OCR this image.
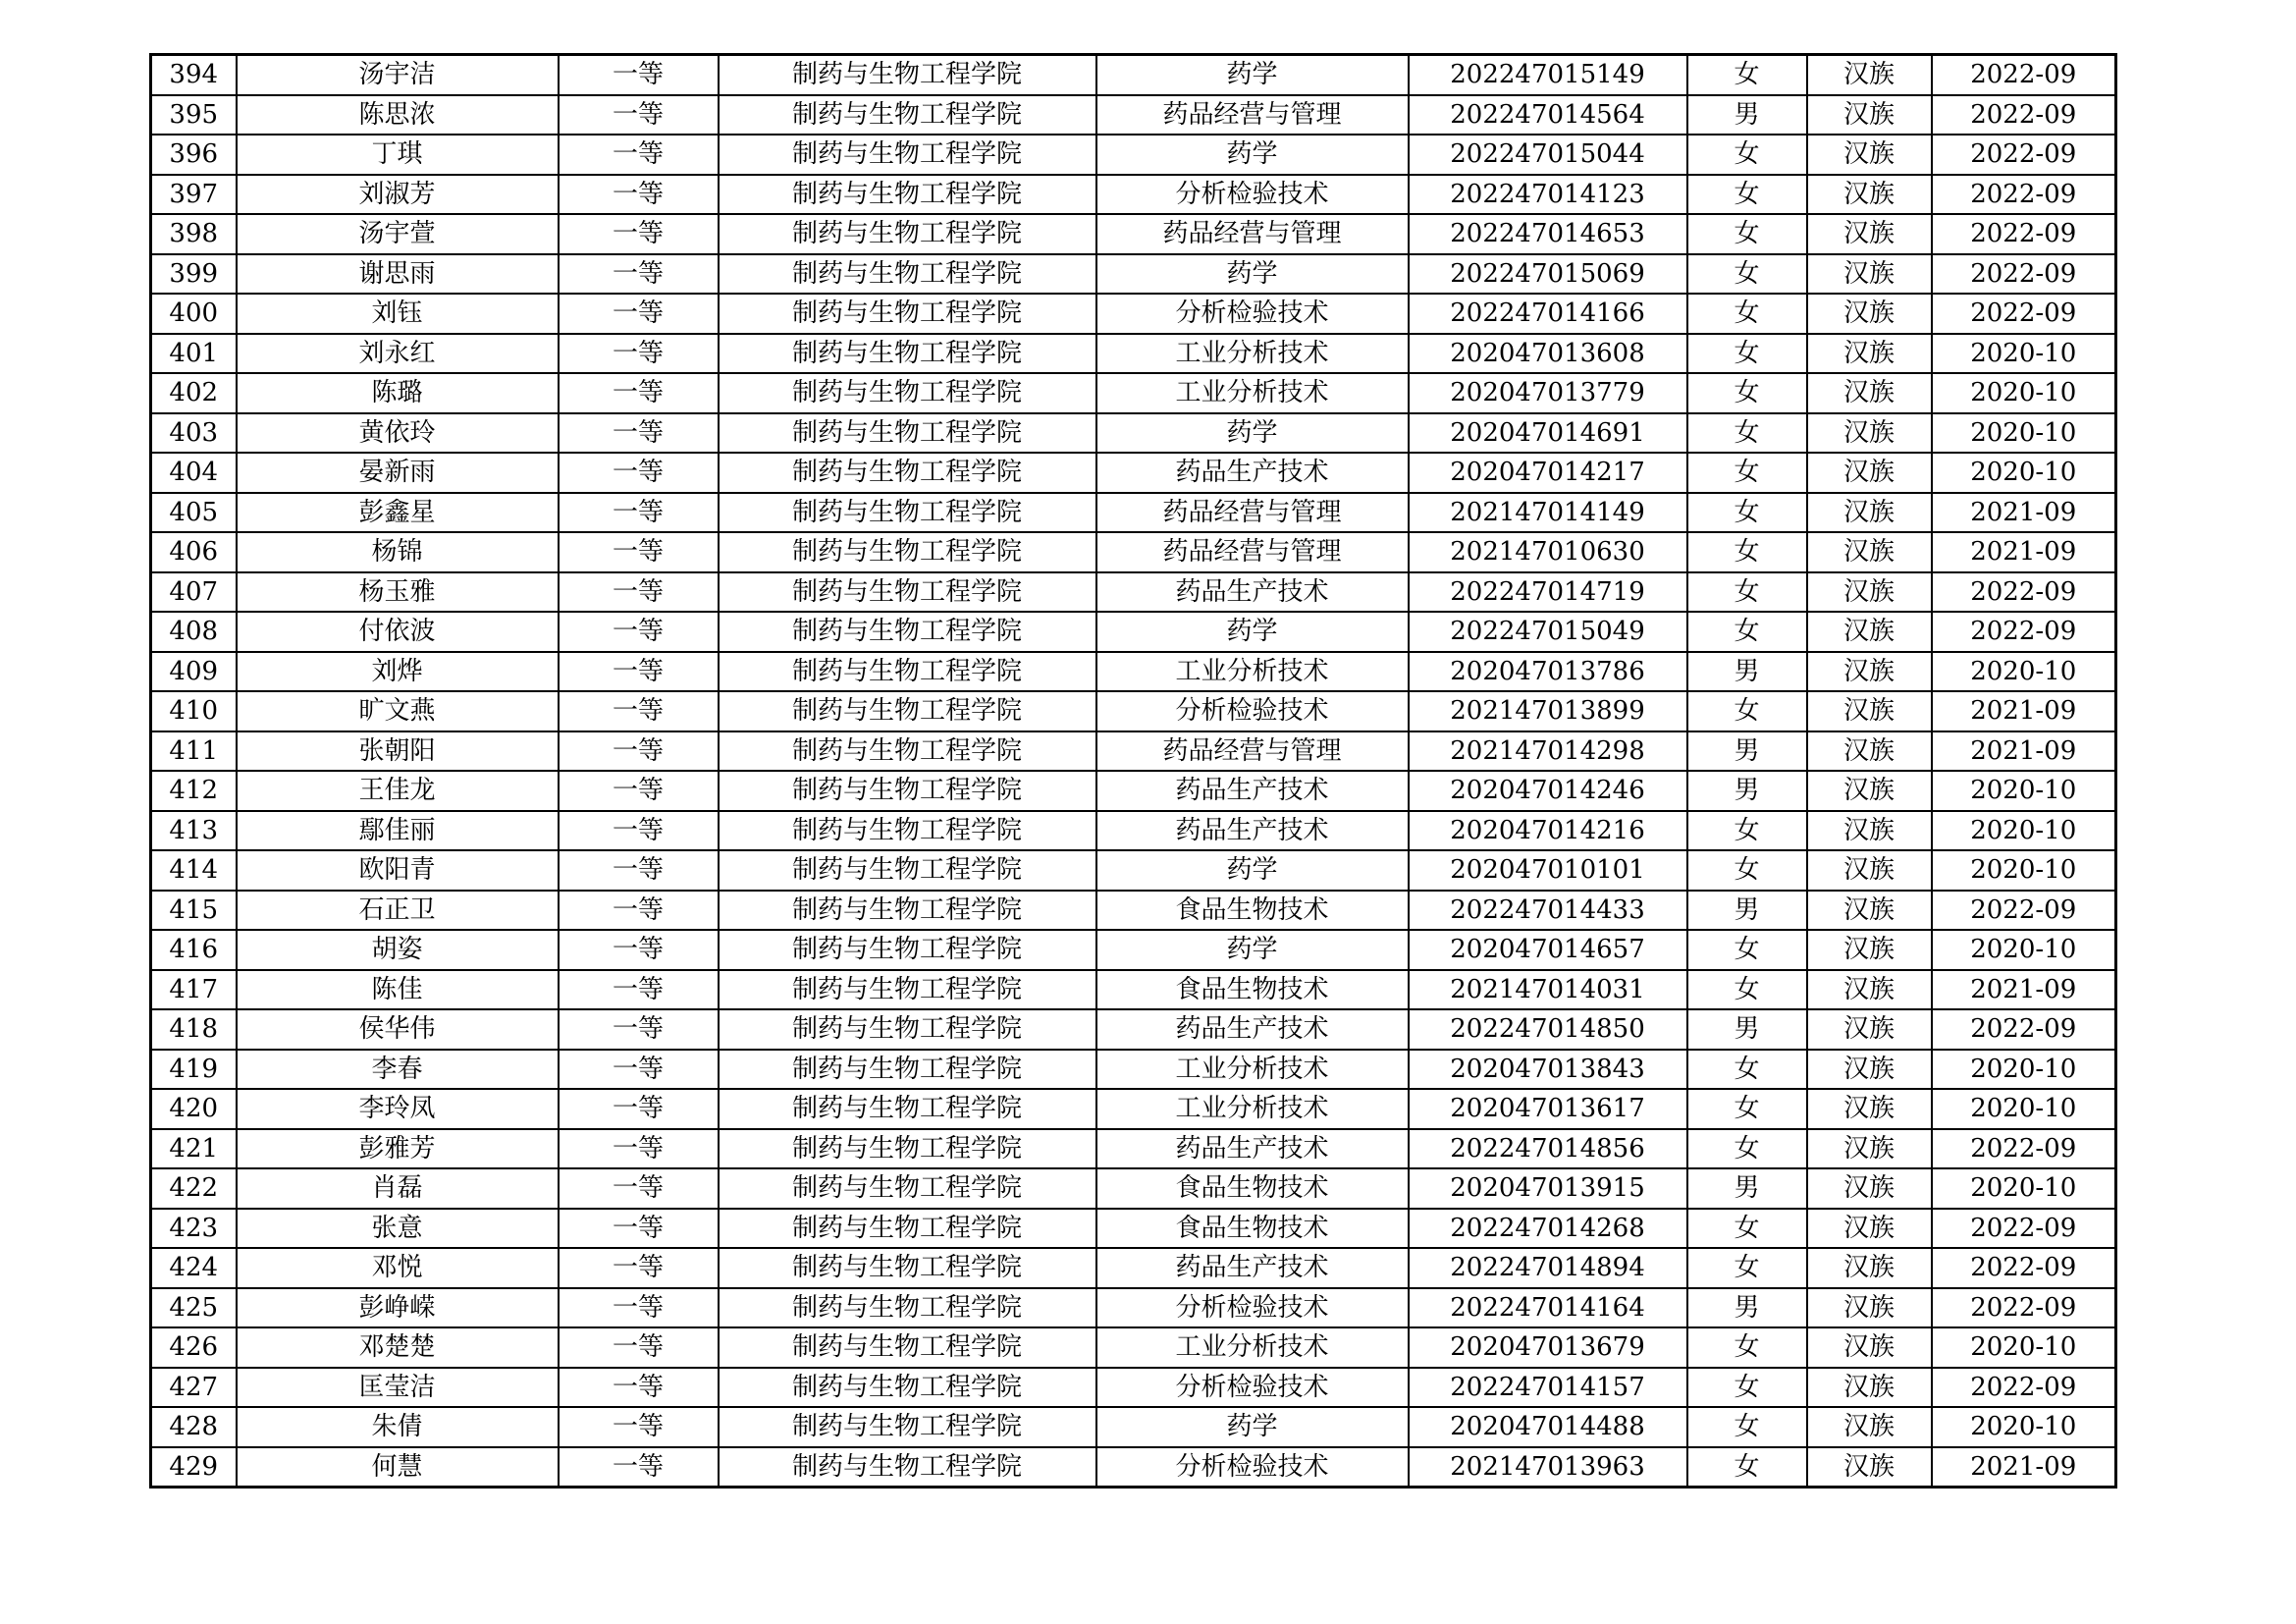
394	汤宇洁	一等	制药与生物工程学院	药学	202247015149	女	汉族	2022-09
395	陈思浓	一等	制药与生物工程学院	药品经营与管理	202247014564	男	汉族	2022-09
396	丁琪	一等	制药与生物工程学院	药学	202247015044	女	汉族	2022-09
397	刘淑芳	一等	制药与生物工程学院	分析检验技术	202247014123	女	汉族	2022-09
398	汤宇萱	一等	制药与生物工程学院	药品经营与管理	202247014653	女	汉族	2022-09
399	谢思雨	一等	制药与生物工程学院	药学	202247015069	女	汉族	2022-09
400	刘钰	一等	制药与生物工程学院	分析检验技术	202247014166	女	汉族	2022-09
401	刘永红	一等	制药与生物工程学院	工业分析技术	202047013608	女	汉族	2020-10
402	陈璐	一等	制药与生物工程学院	工业分析技术	202047013779	女	汉族	2020-10
403	黄依玲	一等	制药与生物工程学院	药学	202047014691	女	汉族	2020-10
404	晏新雨	一等	制药与生物工程学院	药品生产技术	202047014217	女	汉族	2020-10
405	彭鑫星	一等	制药与生物工程学院	药品经营与管理	202147014149	女	汉族	2021-09
406	杨锦	一等	制药与生物工程学院	药品经营与管理	202147010630	女	汉族	2021-09
407	杨玉雅	一等	制药与生物工程学院	药品生产技术	202247014719	女	汉族	2022-09
408	付依波	一等	制药与生物工程学院	药学	202247015049	女	汉族	2022-09
409	刘烨	一等	制药与生物工程学院	工业分析技术	202047013786	男	汉族	2020-10
410	旷文燕	一等	制药与生物工程学院	分析检验技术	202147013899	女	汉族	2021-09
411	张朝阳	一等	制药与生物工程学院	药品经营与管理	202147014298	男	汉族	2021-09
412	王佳龙	一等	制药与生物工程学院	药品生产技术	202047014246	男	汉族	2020-10
413	鄢佳丽	一等	制药与生物工程学院	药品生产技术	202047014216	女	汉族	2020-10
414	欧阳青	一等	制药与生物工程学院	药学	202047010101	女	汉族	2020-10
415	石正卫	一等	制药与生物工程学院	食品生物技术	202247014433	男	汉族	2022-09
416	胡姿	一等	制药与生物工程学院	药学	202047014657	女	汉族	2020-10
417	陈佳	一等	制药与生物工程学院	食品生物技术	202147014031	女	汉族	2021-09
418	侯华伟	一等	制药与生物工程学院	药品生产技术	202247014850	男	汉族	2022-09
419	李春	一等	制药与生物工程学院	工业分析技术	202047013843	女	汉族	2020-10
420	李玲凤	一等	制药与生物工程学院	工业分析技术	202047013617	女	汉族	2020-10
421	彭雅芳	一等	制药与生物工程学院	药品生产技术	202247014856	女	汉族	2022-09
422	肖磊	一等	制药与生物工程学院	食品生物技术	202047013915	男	汉族	2020-10
423	张意	一等	制药与生物工程学院	食品生物技术	202247014268	女	汉族	2022-09
424	邓悦	一等	制药与生物工程学院	药品生产技术	202247014894	女	汉族	2022-09
425	彭峥嵘	一等	制药与生物工程学院	分析检验技术	202247014164	男	汉族	2022-09
426	邓楚楚	一等	制药与生物工程学院	工业分析技术	202047013679	女	汉族	2020-10
427	匡莹洁	一等	制药与生物工程学院	分析检验技术	202247014157	女	汉族	2022-09
428	朱倩	一等	制药与生物工程学院	药学	202047014488	女	汉族	2020-10
429	何慧	一等	制药与生物工程学院	分析检验技术	202147013963	女	汉族	2021-09
